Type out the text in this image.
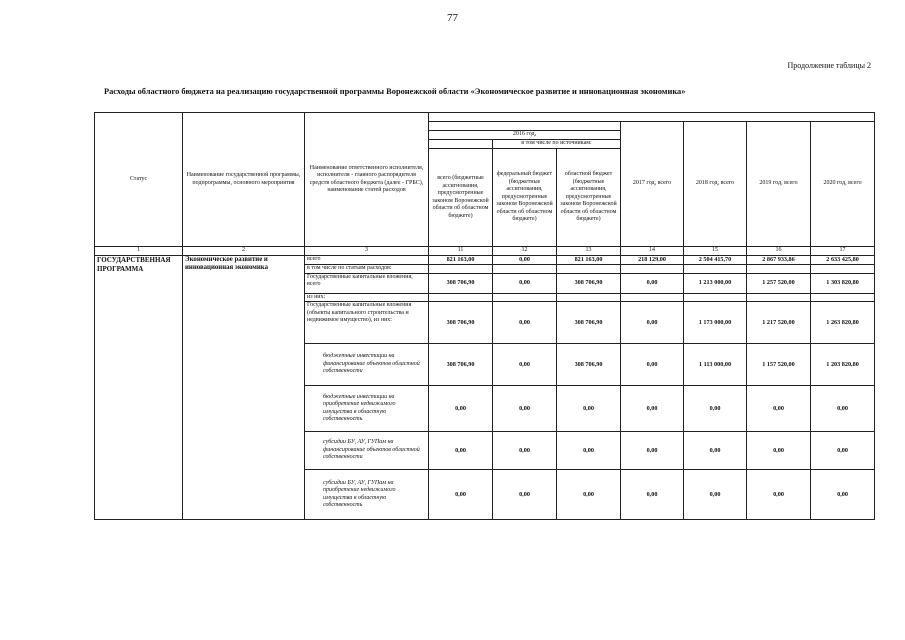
77
Продолжение таблицы 2
Расходы областного бюджета на реализацию государственной программы Воронежской области «Экономическое развитие и инновационная экономика»
Статус	Наименование государственной программы, подпрограммы, основного мероприятия	Наименование ответственного исполнителя, исполнителя - главного распорядителя средств областного бюджета (далее - ГРБС), наименование статей расходов							
						2017 год, всего	2018 год, всего	2019 год, всего	2020 год, всего
			2016 год,						
				в том числе по источникам:					
			всего (бюджетные ассигнования, предусмотренные законом Воронежской области об областном бюджете)	федеральный бюджет (бюджетные ассигнования, предусмотренные законом Воронежской области об областном бюджете)	областной бюджет (бюджетные ассигнования, предусмотренные законом Воронежской области об областном бюджете)				
1	2	3	11	12	13	14	15	16	17
ГОСУДАРСТВЕННАЯ ПРОГРАММА	Экономическое развитие и инновационная экономика	всего	821 163,00	0,00	821 163,00	218 129,00	2 504 415,70	2 867 933,86	2 633 425,80
		в том числе по статьям расходов:							
		Государственные капитальные вложения, всего	308 706,90	0,00	308 706,90	0,00	1 213 000,00	1 257 520,00	1 303 820,80
		из них:							
		Государственные капитальные вложения (объекты капитального строительства и недвижимое имущество), из них:	308 706,90	0,00	308 706,90	0,00	1 173 000,00	1 217 520,00	1 263 820,80
		бюджетные инвестиции на финансирование объектов областной собственности	308 706,90	0,00	308 706,90	0,00	1 113 000,00	1 157 520,00	1 203 820,80
		бюджетные инвестиции на приобретение недвижимого имущества в областную собственность	0,00	0,00	0,00	0,00	0,00	0,00	0,00
		субсидии БУ, АУ, ГУПам на финансирование объектов областной собственности	0,00	0,00	0,00	0,00	0,00	0,00	0,00
		субсидии БУ, АУ, ГУПам на приобретение недвижимого имущества в областную собственность	0,00	0,00	0,00	0,00	0,00	0,00	0,00
